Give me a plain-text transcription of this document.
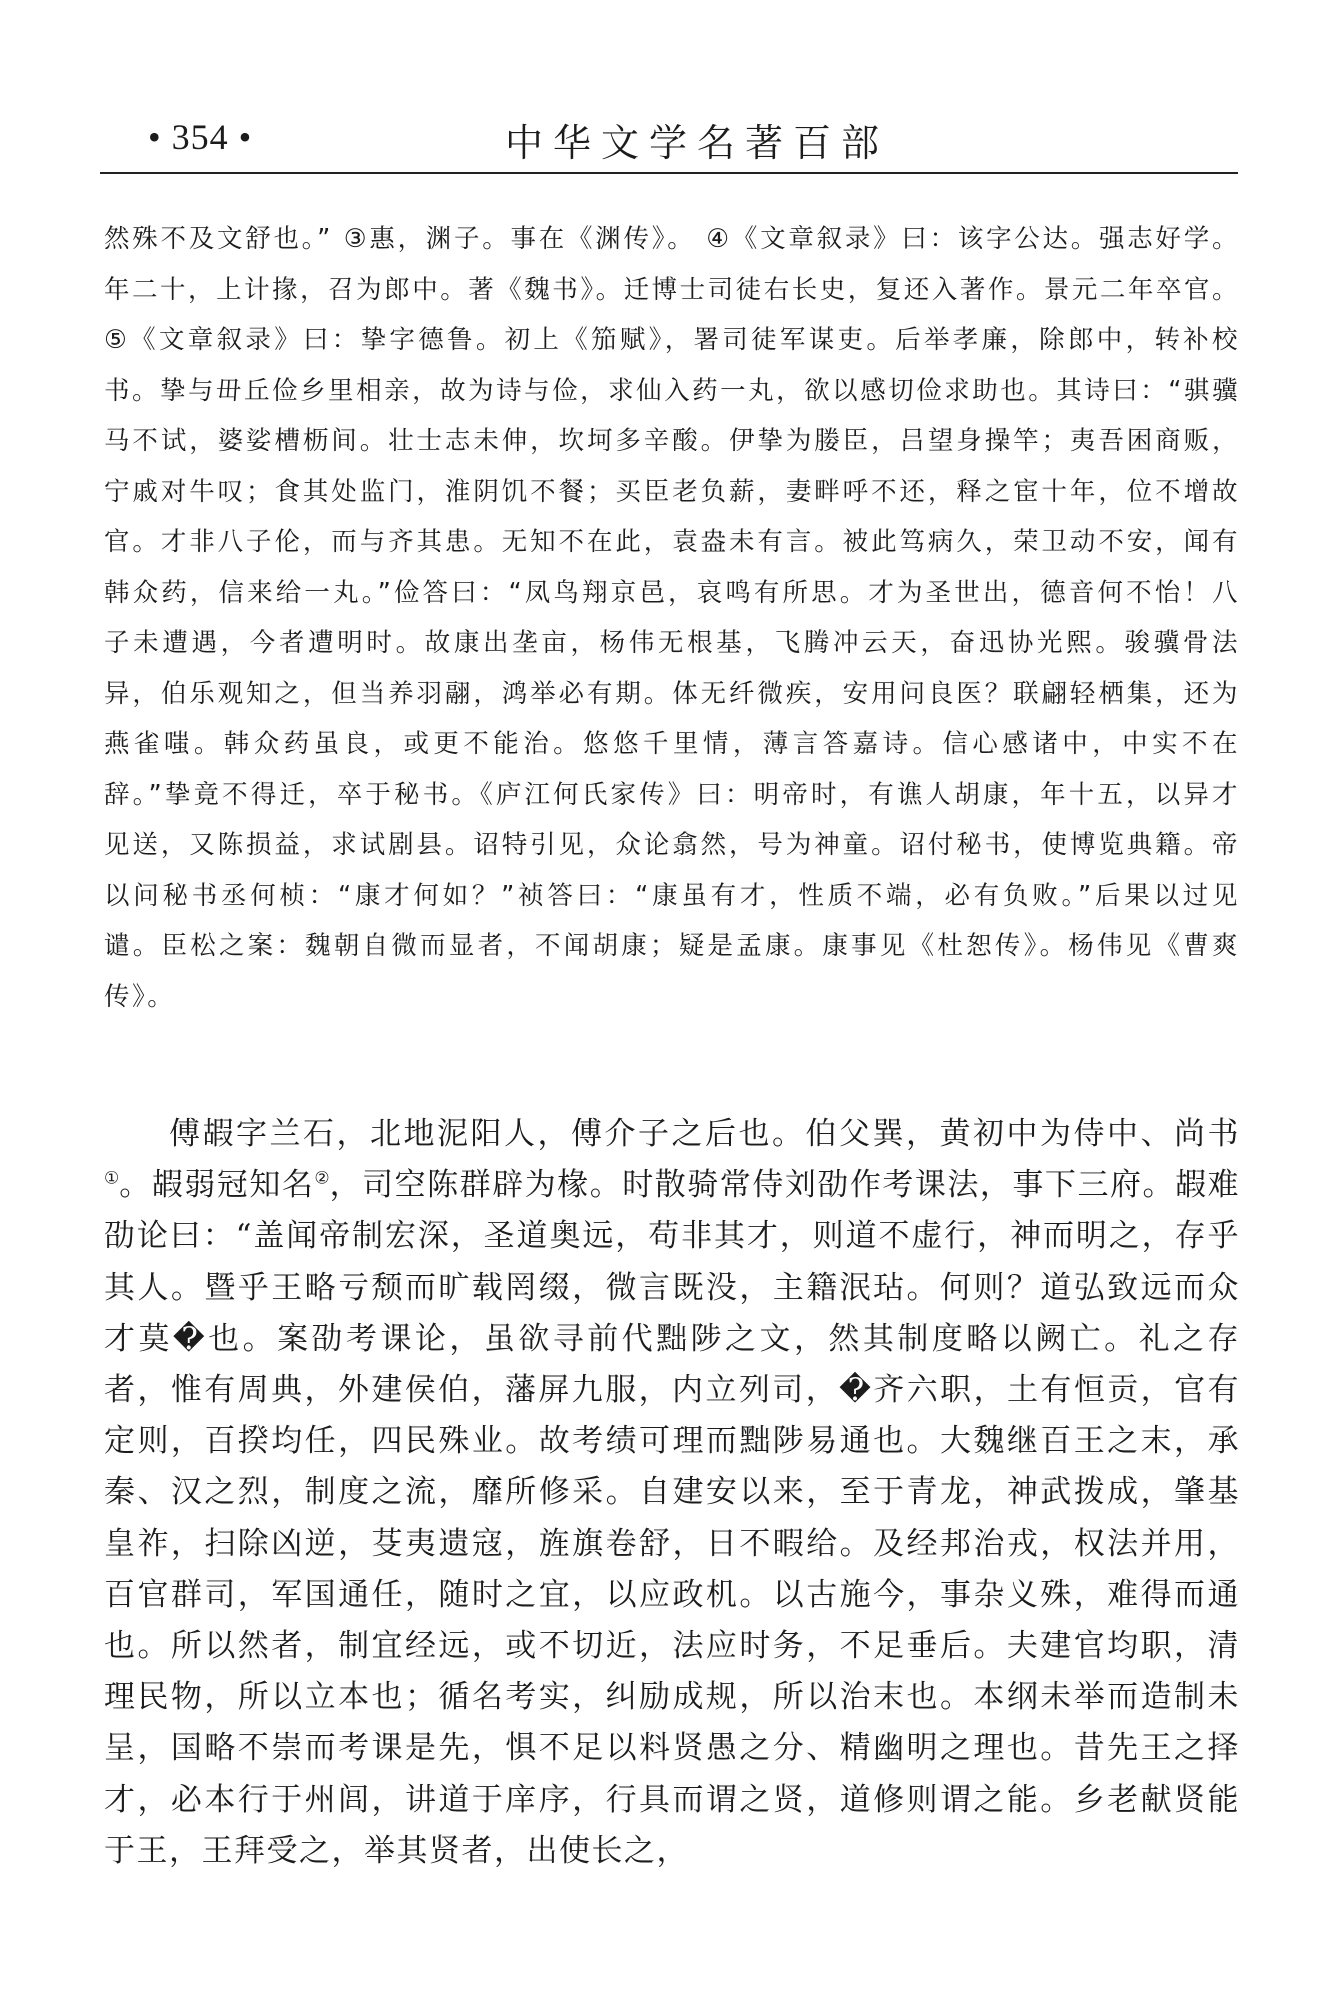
• 354 •	中华文学名著百部
然殊不及文舒也。” ③惠，渊子。事在《渊传》。 ④《文章叙录》曰：该字公达。强志好学。年二十，上计掾，召为郎中。著《魏书》。迁博士司徒右长史，复还入著作。景元二年卒官。 ⑤《文章叙录》曰：挚字德鲁。初上《笳赋》，署司徒军谋吏。后举孝廉，除郎中，转补校书。挚与毌丘俭乡里相亲，故为诗与俭，求仙入药一丸，欲以感切俭求助也。其诗曰：“骐骥马不试，婆娑槽枥间。壮士志未伸，坎坷多辛酸。伊挚为媵臣，吕望身操竿；夷吾困商贩，宁戚对牛叹；食其处监门，淮阴饥不餐；买臣老负薪，妻畔呼不还，释之宦十年，位不增故官。才非八子伦，而与齐其患。无知不在此，袁盎未有言。被此笃病久，荣卫动不安，闻有韩众药，信来给一丸。”俭答曰：“凤鸟翔京邑，哀鸣有所思。才为圣世出，德音何不怡！八子未遭遇，今者遭明时。故康出垄亩，杨伟无根基，飞腾冲云天，奋迅协光熙。骏骥骨法异，伯乐观知之，但当养羽翮，鸿举必有期。体无纤微疾，安用问良医？联翩轻栖集，还为燕雀嗤。韩众药虽良，或更不能治。悠悠千里情，薄言答嘉诗。信心感诸中，中实不在辞。”挚竟不得迁，卒于秘书。《庐江何氏家传》曰：明帝时，有谯人胡康，年十五，以异才见送，又陈损益，求试剧县。诏特引见，众论翕然，号为神童。诏付秘书，使博览典籍。帝以问秘书丞何桢：“康才何如？”祯答曰：“康虽有才，性质不端，必有负败。”后果以过见谴。臣松之案：魏朝自微而显者，不闻胡康；疑是孟康。康事见《杜恕传》。杨伟见《曹爽传》。
傅嘏字兰石，北地泥阳人，傅介子之后也。伯父巽，黄初中为侍中、尚书①。嘏弱冠知名②，司空陈群辟为椽。时散骑常侍刘劭作考课法，事下三府。嘏难劭论曰：“盖闻帝制宏深，圣道奥远，苟非其才，则道不虚行，神而明之，存乎其人。暨乎王略亏颓而旷载罔缀，微言既没，主籍泯玷。何则？道弘致远而众才莫�也。案劭考课论，虽欲寻前代黜陟之文，然其制度略以阙亡。礼之存者，惟有周典，外建侯伯，藩屏九服，内立列司，�齐六职，土有恒贡，官有定则，百揆均任，四民殊业。故考绩可理而黜陟易通也。大魏继百王之末，承秦、汉之烈，制度之流，靡所修采。自建安以来，至于青龙，神武拨成，肇基皇祚，扫除凶逆，芟夷遗寇，旌旗卷舒，日不暇给。及经邦治戎，权法并用，百官群司，军国通任，随时之宜，以应政机。以古施今，事杂义殊，难得而通也。所以然者，制宜经远，或不切近，法应时务，不足垂后。夫建官均职，清理民物，所以立本也；循名考实，纠励成规，所以治末也。本纲未举而造制未呈，国略不崇而考课是先，惧不足以料贤愚之分、精幽明之理也。昔先王之择才，必本行于州闾，讲道于庠序，行具而谓之贤，道修则谓之能。乡老献贤能于王，王拜受之，举其贤者，出使长之，
